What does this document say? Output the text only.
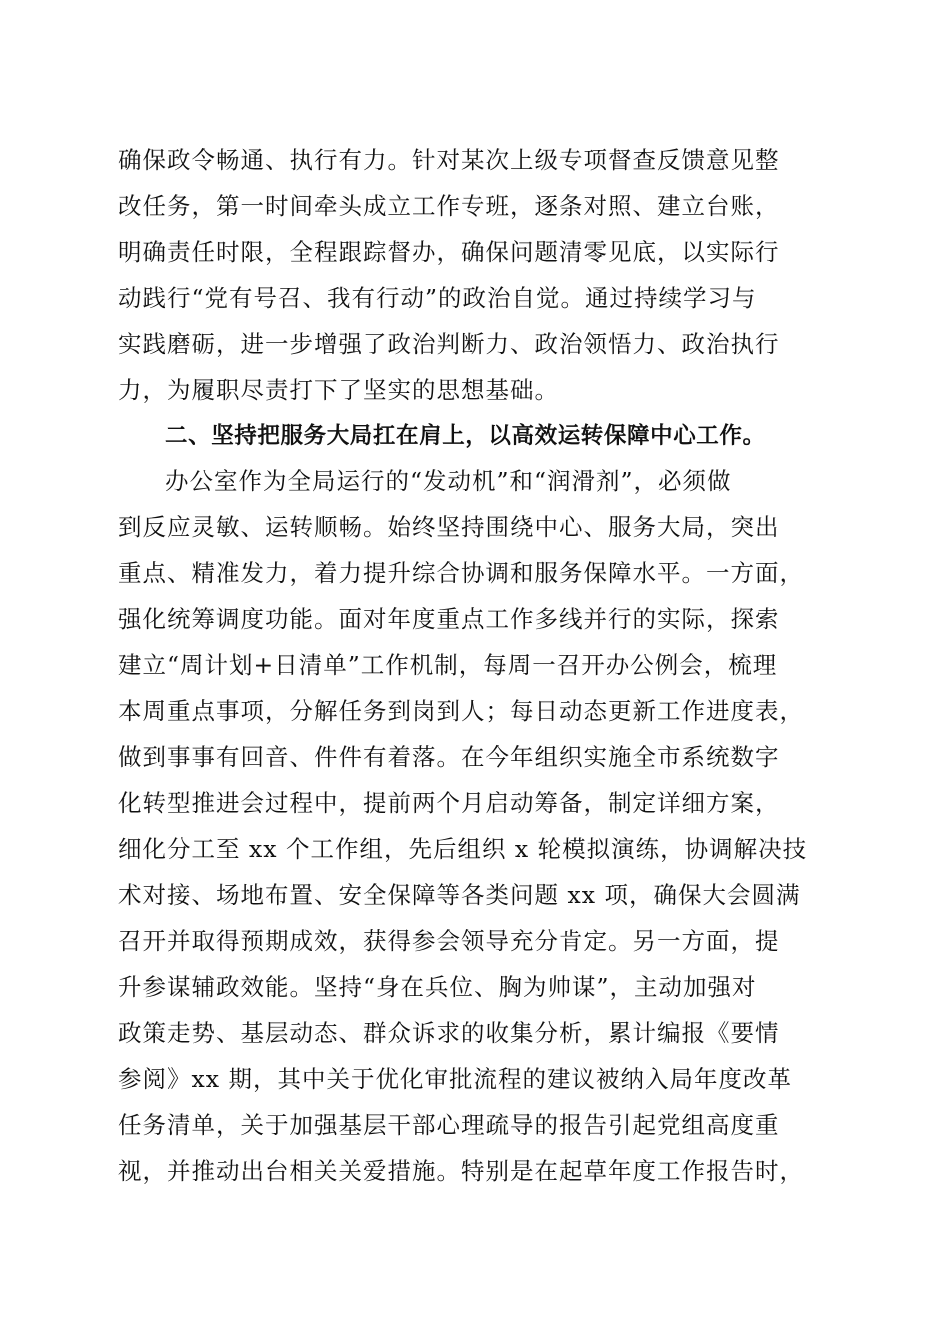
确保政令畅通、执行有力。针对某次上级专项督查反馈意见整
改任务，第一时间牵头成立工作专班，逐条对照、建立台账，
明确责任时限，全程跟踪督办，确保问题清零见底，以实际行
动践行“党有号召、我有行动”的政治自觉。通过持续学习与
实践磨砺，进一步增强了政治判断力、政治领悟力、政治执行
力，为履职尽责打下了坚实的思想基础。
二、坚持把服务大局扛在肩上，以高效运转保障中心工作。
办公室作为全局运行的“发动机”和“润滑剂”，必须做
到反应灵敏、运转顺畅。始终坚持围绕中心、服务大局，突出
重点、精准发力，着力提升综合协调和服务保障水平。一方面，
强化统筹调度功能。面对年度重点工作多线并行的实际，探索
建立“周计划+日清单”工作机制，每周一召开办公例会，梳理
本周重点事项，分解任务到岗到人；每日动态更新工作进度表，
做到事事有回音、件件有着落。在今年组织实施全市系统数字
化转型推进会过程中，提前两个月启动筹备，制定详细方案，
细化分工至 xx 个工作组，先后组织 x 轮模拟演练，协调解决技
术对接、场地布置、安全保障等各类问题 xx 项，确保大会圆满
召开并取得预期成效，获得参会领导充分肯定。另一方面，提
升参谋辅政效能。坚持“身在兵位、胸为帅谋”，主动加强对
政策走势、基层动态、群众诉求的收集分析，累计编报《要情
参阅》xx 期，其中关于优化审批流程的建议被纳入局年度改革
任务清单，关于加强基层干部心理疏导的报告引起党组高度重
视，并推动出台相关关爱措施。特别是在起草年度工作报告时，
